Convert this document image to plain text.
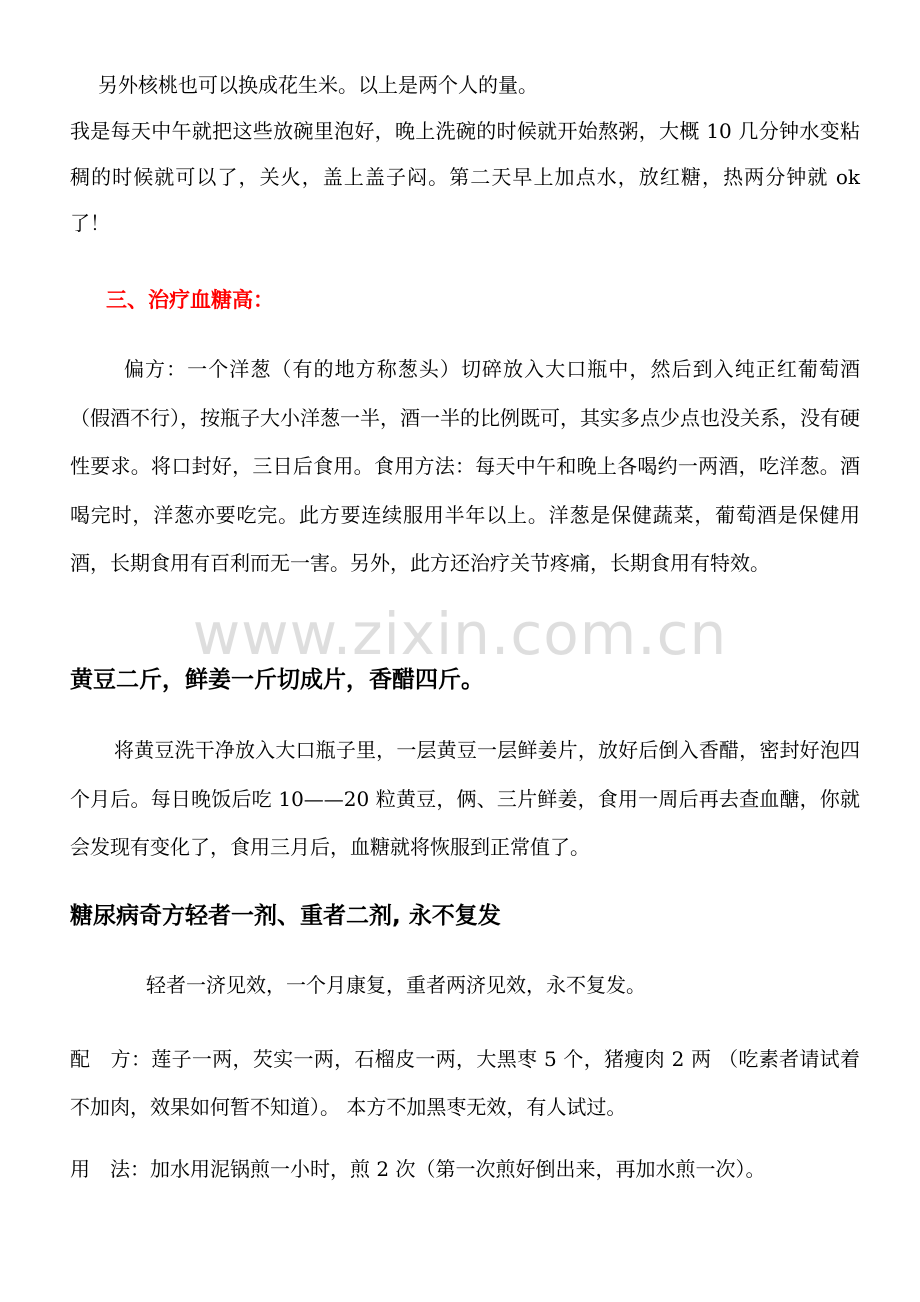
另外核桃也可以换成花生米。以上是两个人的量。

我是每天中午就把这些放碗里泡好，晚上洗碗的时候就开始熬粥，大概 10 几分钟水变粘稠的时候就可以了，关火，盖上盖子闷。第二天早上加点水，放红糖，热两分钟就 ok 了！

三、治疗血糖高：

偏方：一个洋葱（有的地方称葱头）切碎放入大口瓶中，然后到入纯正红葡萄酒（假酒不行），按瓶子大小洋葱一半，酒一半的比例既可，其实多点少点也没关系，没有硬性要求。将口封好，三日后食用。食用方法：每天中午和晚上各喝约一两酒，吃洋葱。酒喝完时，洋葱亦要吃完。此方要连续服用半年以上。洋葱是保健蔬菜，葡萄酒是保健用酒，长期食用有百利而无一害。另外，此方还治疗关节疼痛，长期食用有特效。

www.zixin.com.cn
黄豆二斤，鲜姜一斤切成片，香醋四斤。

将黄豆洗干净放入大口瓶子里，一层黄豆一层鲜姜片，放好后倒入香醋，密封好泡四个月后。每日晚饭后吃 10——20 粒黄豆，俩、三片鲜姜，食用一周后再去查血醣，你就会发现有变化了，食用三月后，血糖就将恢服到正常值了。

糖尿病奇方轻者一剂、重者二剂, 永不复发

轻者一济见效，一个月康复，重者两济见效，永不复发。

配　方：莲子一两，芡实一两，石榴皮一两，大黑枣 5 个，猪瘦肉 2 两 （吃素者请试着不加肉，效果如何暂不知道）。 本方不加黑枣无效，有人试过。

用　法：加水用泥锅煎一小时，煎 2 次（第一次煎好倒出来，再加水煎一次）。
